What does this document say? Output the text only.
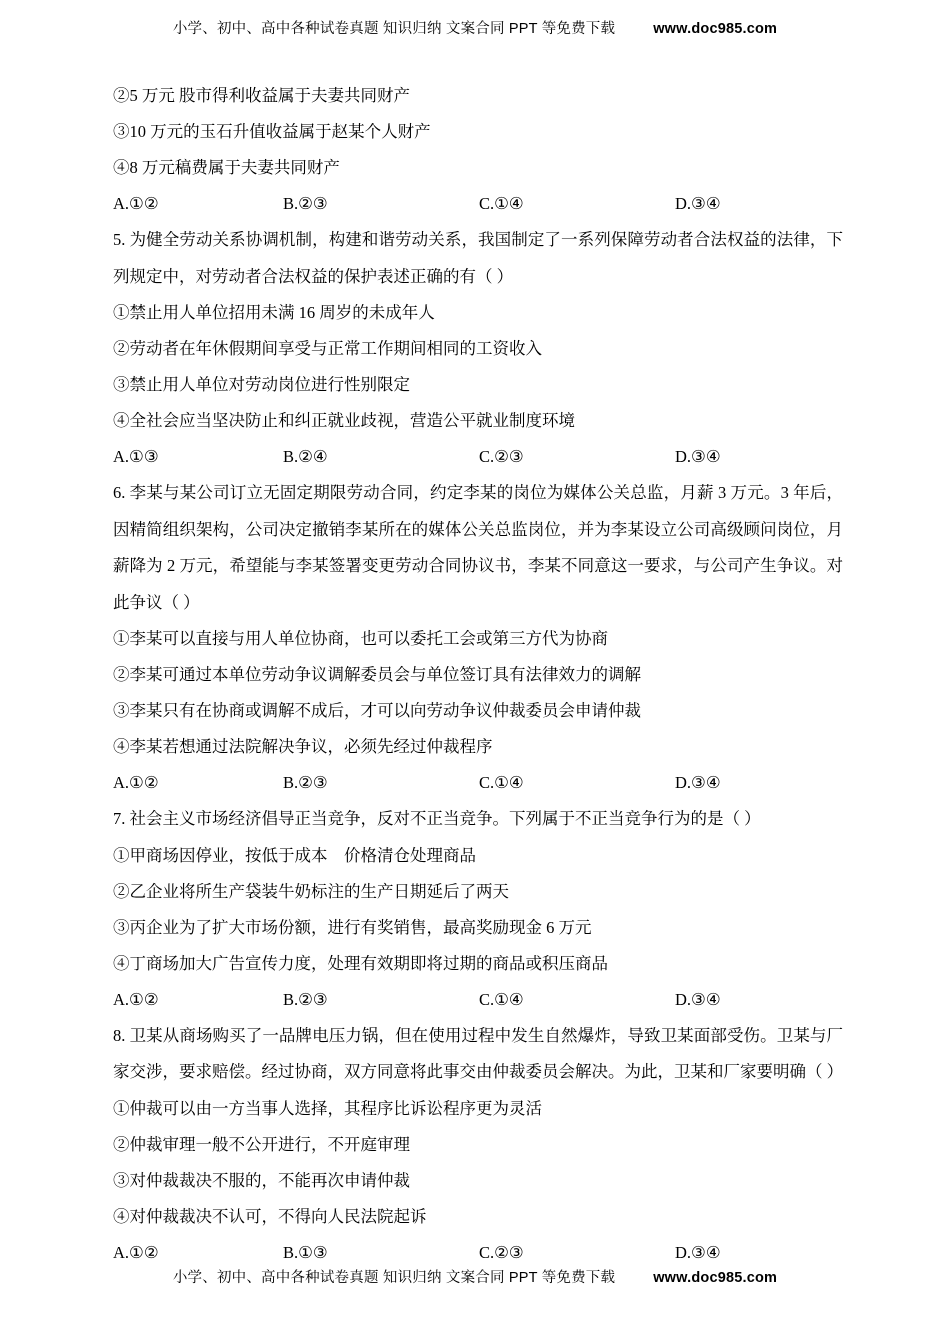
小学、初中、高中各种试卷真题 知识归纳 文案合同 PPT 等免费下载	www.doc985.com
②5 万元 股市得利收益属于夫妻共同财产
③10 万元的玉石升值收益属于赵某个人财产
④8 万元稿费属于夫妻共同财产
A.①②	B.②③	C.①④	D.③④
5. 为健全劳动关系协调机制，构建和谐劳动关系，我国制定了一系列保障劳动者合法权益的法律，下列规定中，对劳动者合法权益的保护表述正确的有（ ）
①禁止用人单位招用未满 16 周岁的未成年人
②劳动者在年休假期间享受与正常工作期间相同的工资收入
③禁止用人单位对劳动岗位进行性别限定
④全社会应当坚决防止和纠正就业歧视，营造公平就业制度环境
A.①③	B.②④	C.②③	D.③④
6. 李某与某公司订立无固定期限劳动合同，约定李某的岗位为媒体公关总监，月薪 3 万元。3 年后，因精简组织架构，公司决定撤销李某所在的媒体公关总监岗位，并为李某设立公司高级顾问岗位，月薪降为 2 万元，希望能与李某签署变更劳动合同协议书，李某不同意这一要求，与公司产生争议。对此争议（ ）
①李某可以直接与用人单位协商，也可以委托工会或第三方代为协商
②李某可通过本单位劳动争议调解委员会与单位签订具有法律效力的调解
③李某只有在协商或调解不成后，才可以向劳动争议仲裁委员会申请仲裁
④李某若想通过法院解决争议，必须先经过仲裁程序
A.①②	B.②③	C.①④	D.③④
7. 社会主义市场经济倡导正当竞争，反对不正当竞争。下列属于不正当竞争行为的是（ ）
①甲商场因停业，按低于成本　价格清仓处理商品
②乙企业将所生产袋装牛奶标注的生产日期延后了两天
③丙企业为了扩大市场份额，进行有奖销售，最高奖励现金 6 万元
④丁商场加大广告宣传力度，处理有效期即将过期的商品或积压商品
A.①②	B.②③	C.①④	D.③④
8. 卫某从商场购买了一品牌电压力锅，但在使用过程中发生自然爆炸，导致卫某面部受伤。卫某与厂家交涉，要求赔偿。经过协商，双方同意将此事交由仲裁委员会解决。为此，卫某和厂家要明确（ ）
①仲裁可以由一方当事人选择，其程序比诉讼程序更为灵活
②仲裁审理一般不公开进行，不开庭审理
③对仲裁裁决不服的，不能再次申请仲裁
④对仲裁裁决不认可，不得向人民法院起诉
A.①②	B.①③	C.②③	D.③④
小学、初中、高中各种试卷真题 知识归纳 文案合同 PPT 等免费下载	www.doc985.com
